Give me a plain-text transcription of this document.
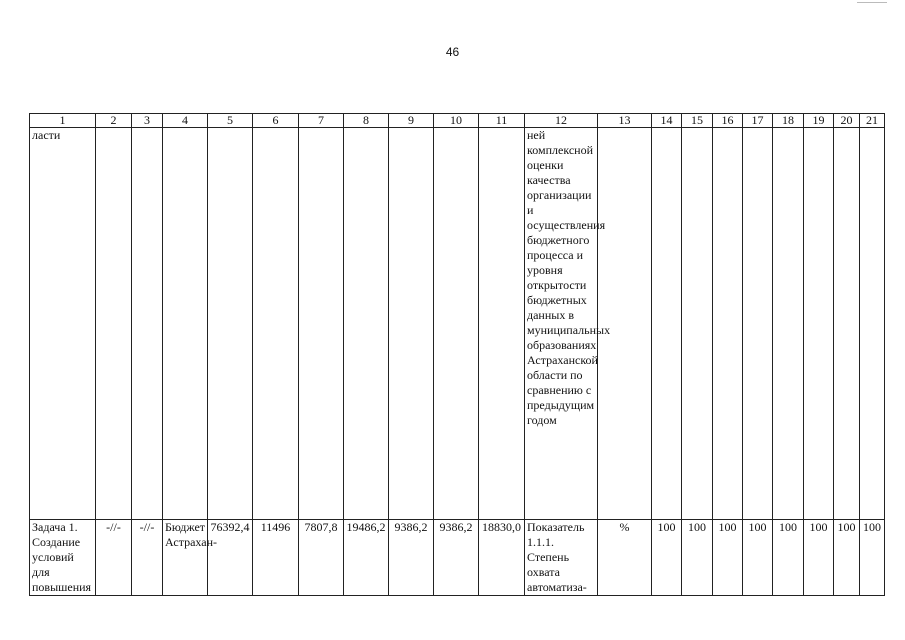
46
1	2	3	4	5	6	7	8	9	10	11	12	13	14	15	16	17	18	19	20	21
ласти											ней комплексной оценки качества организации и осуществления бюджетного процесса и уровня открытости бюджетных данных в муниципальных образованиях Астраханской области по сравнению с предыдущим годом									
Задача 1. Создание условий для повышения	-//-	-//-	Бюджет Астрахан-	76392,4	11496	7807,8	19486,2	9386,2	9386,2	18830,0	Показатель 1.1.1. Степень охвата автоматиза-	%	100	100	100	100	100	100	100	100
